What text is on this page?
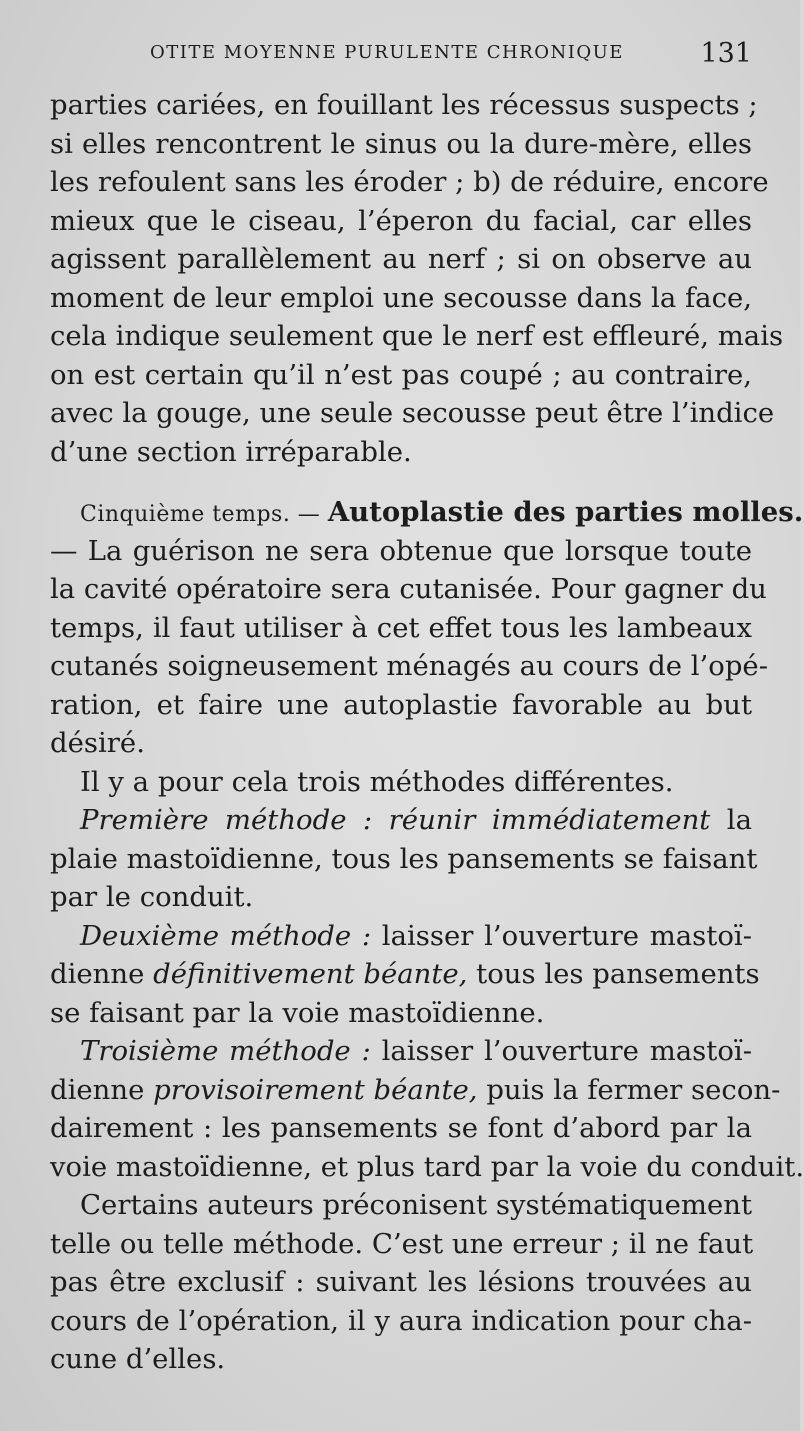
OTITE MOYENNE PURULENTE CHRONIQUE	131
parties cariées, en fouillant les récessus suspects ;
si elles rencontrent le sinus ou la dure-mère, elles
les refoulent sans les éroder ; b) de réduire, encore
mieux que le ciseau, l’éperon du facial, car elles
agissent parallèlement au nerf ; si on observe au
moment de leur emploi une secousse dans la face,
cela indique seulement que le nerf est effleuré, mais
on est certain qu’il n’est pas coupé ; au contraire,
avec la gouge, une seule secousse peut être l’indice
d’une section irréparable.
Cinquième temps. — Autoplastie des parties molles.
— La guérison ne sera obtenue que lorsque toute
la cavité opératoire sera cutanisée. Pour gagner du
temps, il faut utiliser à cet effet tous les lambeaux
cutanés soigneusement ménagés au cours de l’opé-
ration, et faire une autoplastie favorable au but
désiré.
Il y a pour cela trois méthodes différentes.
Première méthode : réunir immédiatement la
plaie mastoïdienne, tous les pansements se faisant
par le conduit.
Deuxième méthode : laisser l’ouverture mastoï-
dienne définitivement béante, tous les pansements
se faisant par la voie mastoïdienne.
Troisième méthode : laisser l’ouverture mastoï-
dienne provisoirement béante, puis la fermer secon-
dairement : les pansements se font d’abord par la
voie mastoïdienne, et plus tard par la voie du conduit.
Certains auteurs préconisent systématiquement
telle ou telle méthode. C’est une erreur ; il ne faut
pas être exclusif : suivant les lésions trouvées au
cours de l’opération, il y aura indication pour cha-
cune d’elles.
